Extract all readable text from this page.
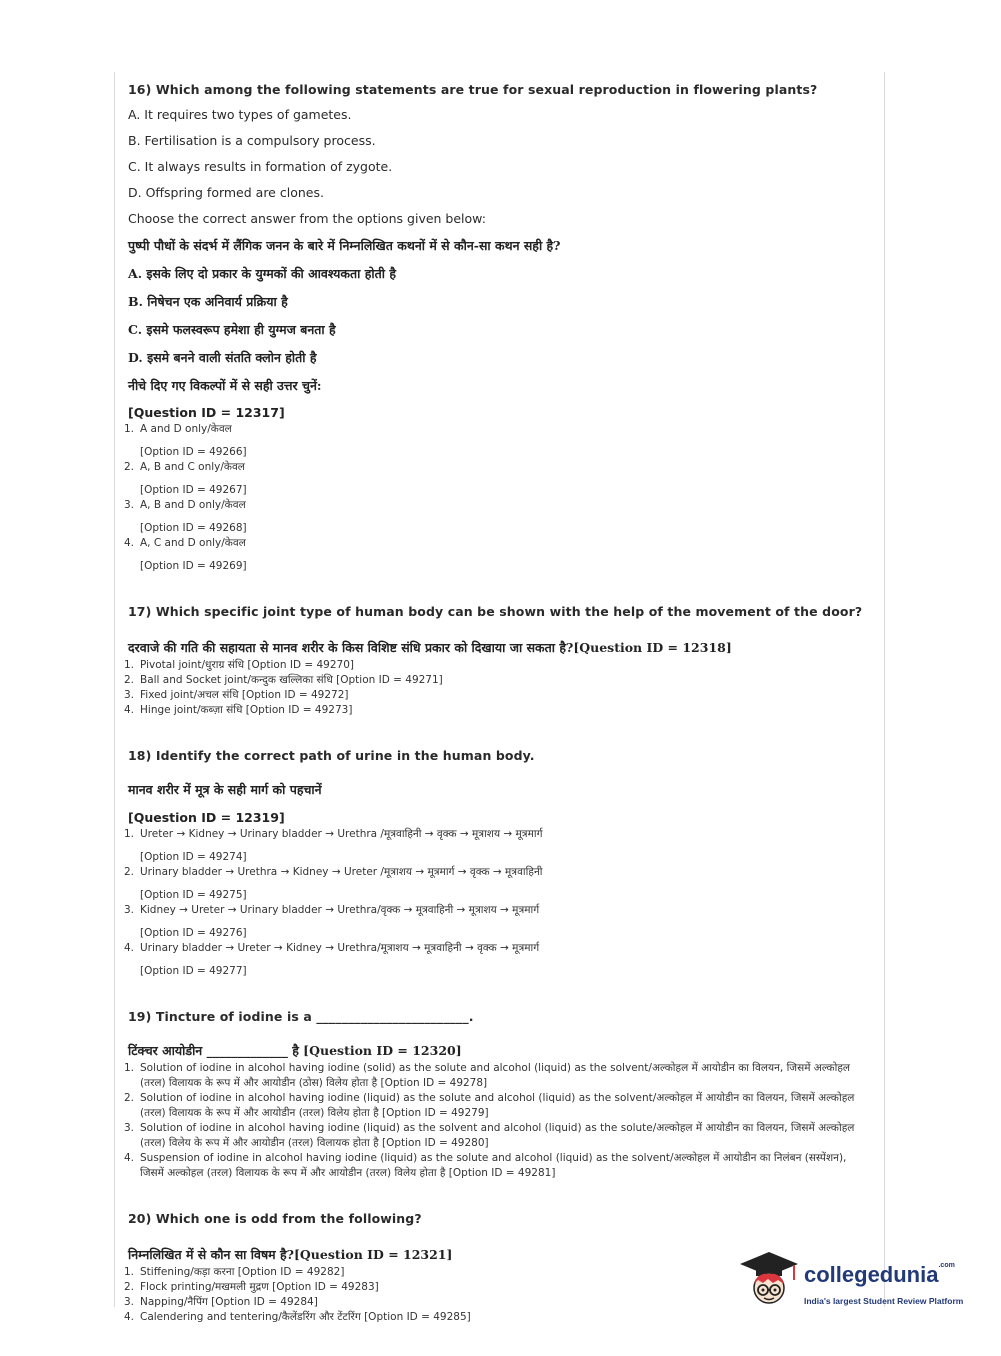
16) Which among the following statements are true for sexual reproduction in flowering plants?

A. It requires two types of gametes.

B. Fertilisation is a compulsory process.

C. It always results in formation of zygote.

D. Offspring formed are clones.

Choose the correct answer from the options given below:

पुष्पी पौधों के संदर्भ में लैंगिक जनन के बारे में निम्नलिखित कथनों में से कौन-सा कथन सही है?

A. इसके लिए दो प्रकार के युग्मकों की आवश्यकता होती है

B. निषेचन एक अनिवार्य प्रक्रिया है

C. इसमे फलस्वरूप हमेशा ही युग्मज बनता है

D. इसमे बनने वाली संतति क्लोन होती है

नीचे दिए गए विकल्पों में से सही उत्तर चुनें:

[Question ID = 12317]

1. A and D only/केवल
[Option ID = 49266]
2. A, B and C only/केवल
[Option ID = 49267]
3. A, B and D only/केवल
[Option ID = 49268]
4. A, C and D only/केवल
[Option ID = 49269]

17) Which specific joint type of human body can be shown with the help of the movement of the door?

दरवाजे की गति की सहायता से मानव शरीर के किस विशिष्ट संधि प्रकार को दिखाया जा सकता है?[Question ID = 12318]

1. Pivotal joint/धुराग्र संधि [Option ID = 49270]
2. Ball and Socket joint/कन्दुक खल्लिका संधि [Option ID = 49271]
3. Fixed joint/अचल संधि [Option ID = 49272]
4. Hinge joint/कब्ज़ा संधि [Option ID = 49273]

18) Identify the correct path of urine in the human body.

मानव शरीर में मूत्र के सही मार्ग को पहचानें

[Question ID = 12319]

1. Ureter → Kidney → Urinary bladder → Urethra /मूत्रवाहिनी → वृक्क → मूत्राशय → मूत्रमार्ग
[Option ID = 49274]
2. Urinary bladder → Urethra → Kidney → Ureter /मूत्राशय → मूत्रमार्ग → वृक्क → मूत्रवाहिनी
[Option ID = 49275]
3. Kidney → Ureter → Urinary bladder → Urethra/वृक्क → मूत्रवाहिनी → मूत्राशय → मूत्रमार्ग
[Option ID = 49276]
4. Urinary bladder → Ureter → Kidney → Urethra/मूत्राशय → मूत्रवाहिनी → वृक्क → मूत्रमार्ग
[Option ID = 49277]

19) Tincture of iodine is a ________________________.

टिंक्चर आयोडीन _____________ है [Question ID = 12320]

1. Solution of iodine in alcohol having iodine (solid) as the solute and alcohol (liquid) as the solvent/अल्कोहल में आयोडीन का विलयन, जिसमें अल्कोहल (तरल) विलायक के रूप में और आयोडीन (ठोस) विलेय होता है [Option ID = 49278]
2. Solution of iodine in alcohol having iodine (liquid) as the solute and alcohol (liquid) as the solvent/अल्कोहल में आयोडीन का विलयन, जिसमें अल्कोहल (तरल) विलायक के रूप में और आयोडीन (तरल) विलेय होता है [Option ID = 49279]
3. Solution of iodine in alcohol having iodine (liquid) as the solvent and alcohol (liquid) as the solute/अल्कोहल में आयोडीन का विलयन, जिसमें अल्कोहल (तरल) विलेय के रूप में और आयोडीन (तरल) विलायक होता है [Option ID = 49280]
4. Suspension of iodine in alcohol having iodine (liquid) as the solute and alcohol (liquid) as the solvent/अल्कोहल में आयोडीन का निलंबन (सस्पेंशन), जिसमें अल्कोहल (तरल) विलायक के रूप में और आयोडीन (तरल) विलेय होता है [Option ID = 49281]

20) Which one is odd from the following?

निम्नलिखित में से कौन सा विषम है?[Question ID = 12321]

1. Stiffening/कड़ा करना [Option ID = 49282]
2. Flock printing/मखमली मुद्रण [Option ID = 49283]
3. Napping/नैपिंग [Option ID = 49284]
4. Calendering and tentering/कैलेंडरिंग और टेंटरिंग [Option ID = 49285]
collegedunia$^{.com}$
India's largest Student Review Platform
